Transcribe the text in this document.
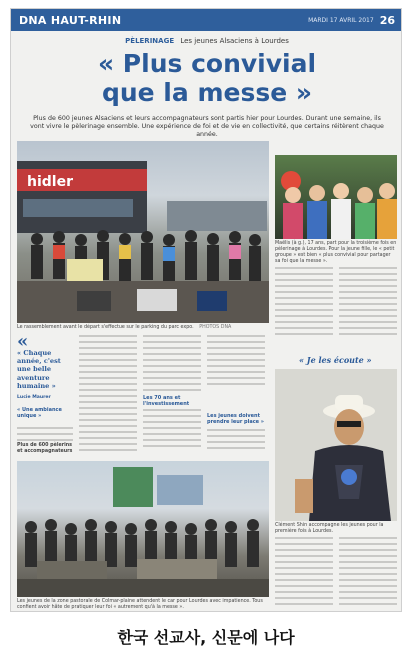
DNA HAUT-RHIN	MARDI 17 AVRIL 2017 26
PÈLERINAGE Les jeunes Alsaciens à Lourdes
« Plus convivial
que la messe »
Plus de 600 jeunes Alsaciens et leurs accompagnateurs sont partis hier pour Lourdes. Durant une semaine, ils vont vivre le pèlerinage ensemble. Une expérience de foi et de vie en collectivité, que certains réitèrent chaque année.
hidler
Le rassemblement avant le départ s'effectue sur le parking du parc expo. PHOTOS DNA
Maëlis (à g.), 17 ans, part pour la troisième fois en pèlerinage à Lourdes. Pour la jeune fille, le « petit groupe » est bien « plus convivial pour partager sa foi que la messe ».
«
« Chaque année, c'est une belle aventure humaine »
Lucie Maurer
« Une ambiance unique »
Plus de 600 pèlerins et accompagnateurs
Les 70 ans et l'investissement
Les jeunes doivent prendre leur place »
« Je les écoute »
Clément Shin accompagne les jeunes pour la première fois à Lourdes.
Les jeunes de la zone pastorale de Colmar-plaine attendent le car pour Lourdes avec impatience. Tous confient avoir hâte de pratiquer leur foi « autrement qu'à la messe ».
한국 선교사, 신문에 나다
